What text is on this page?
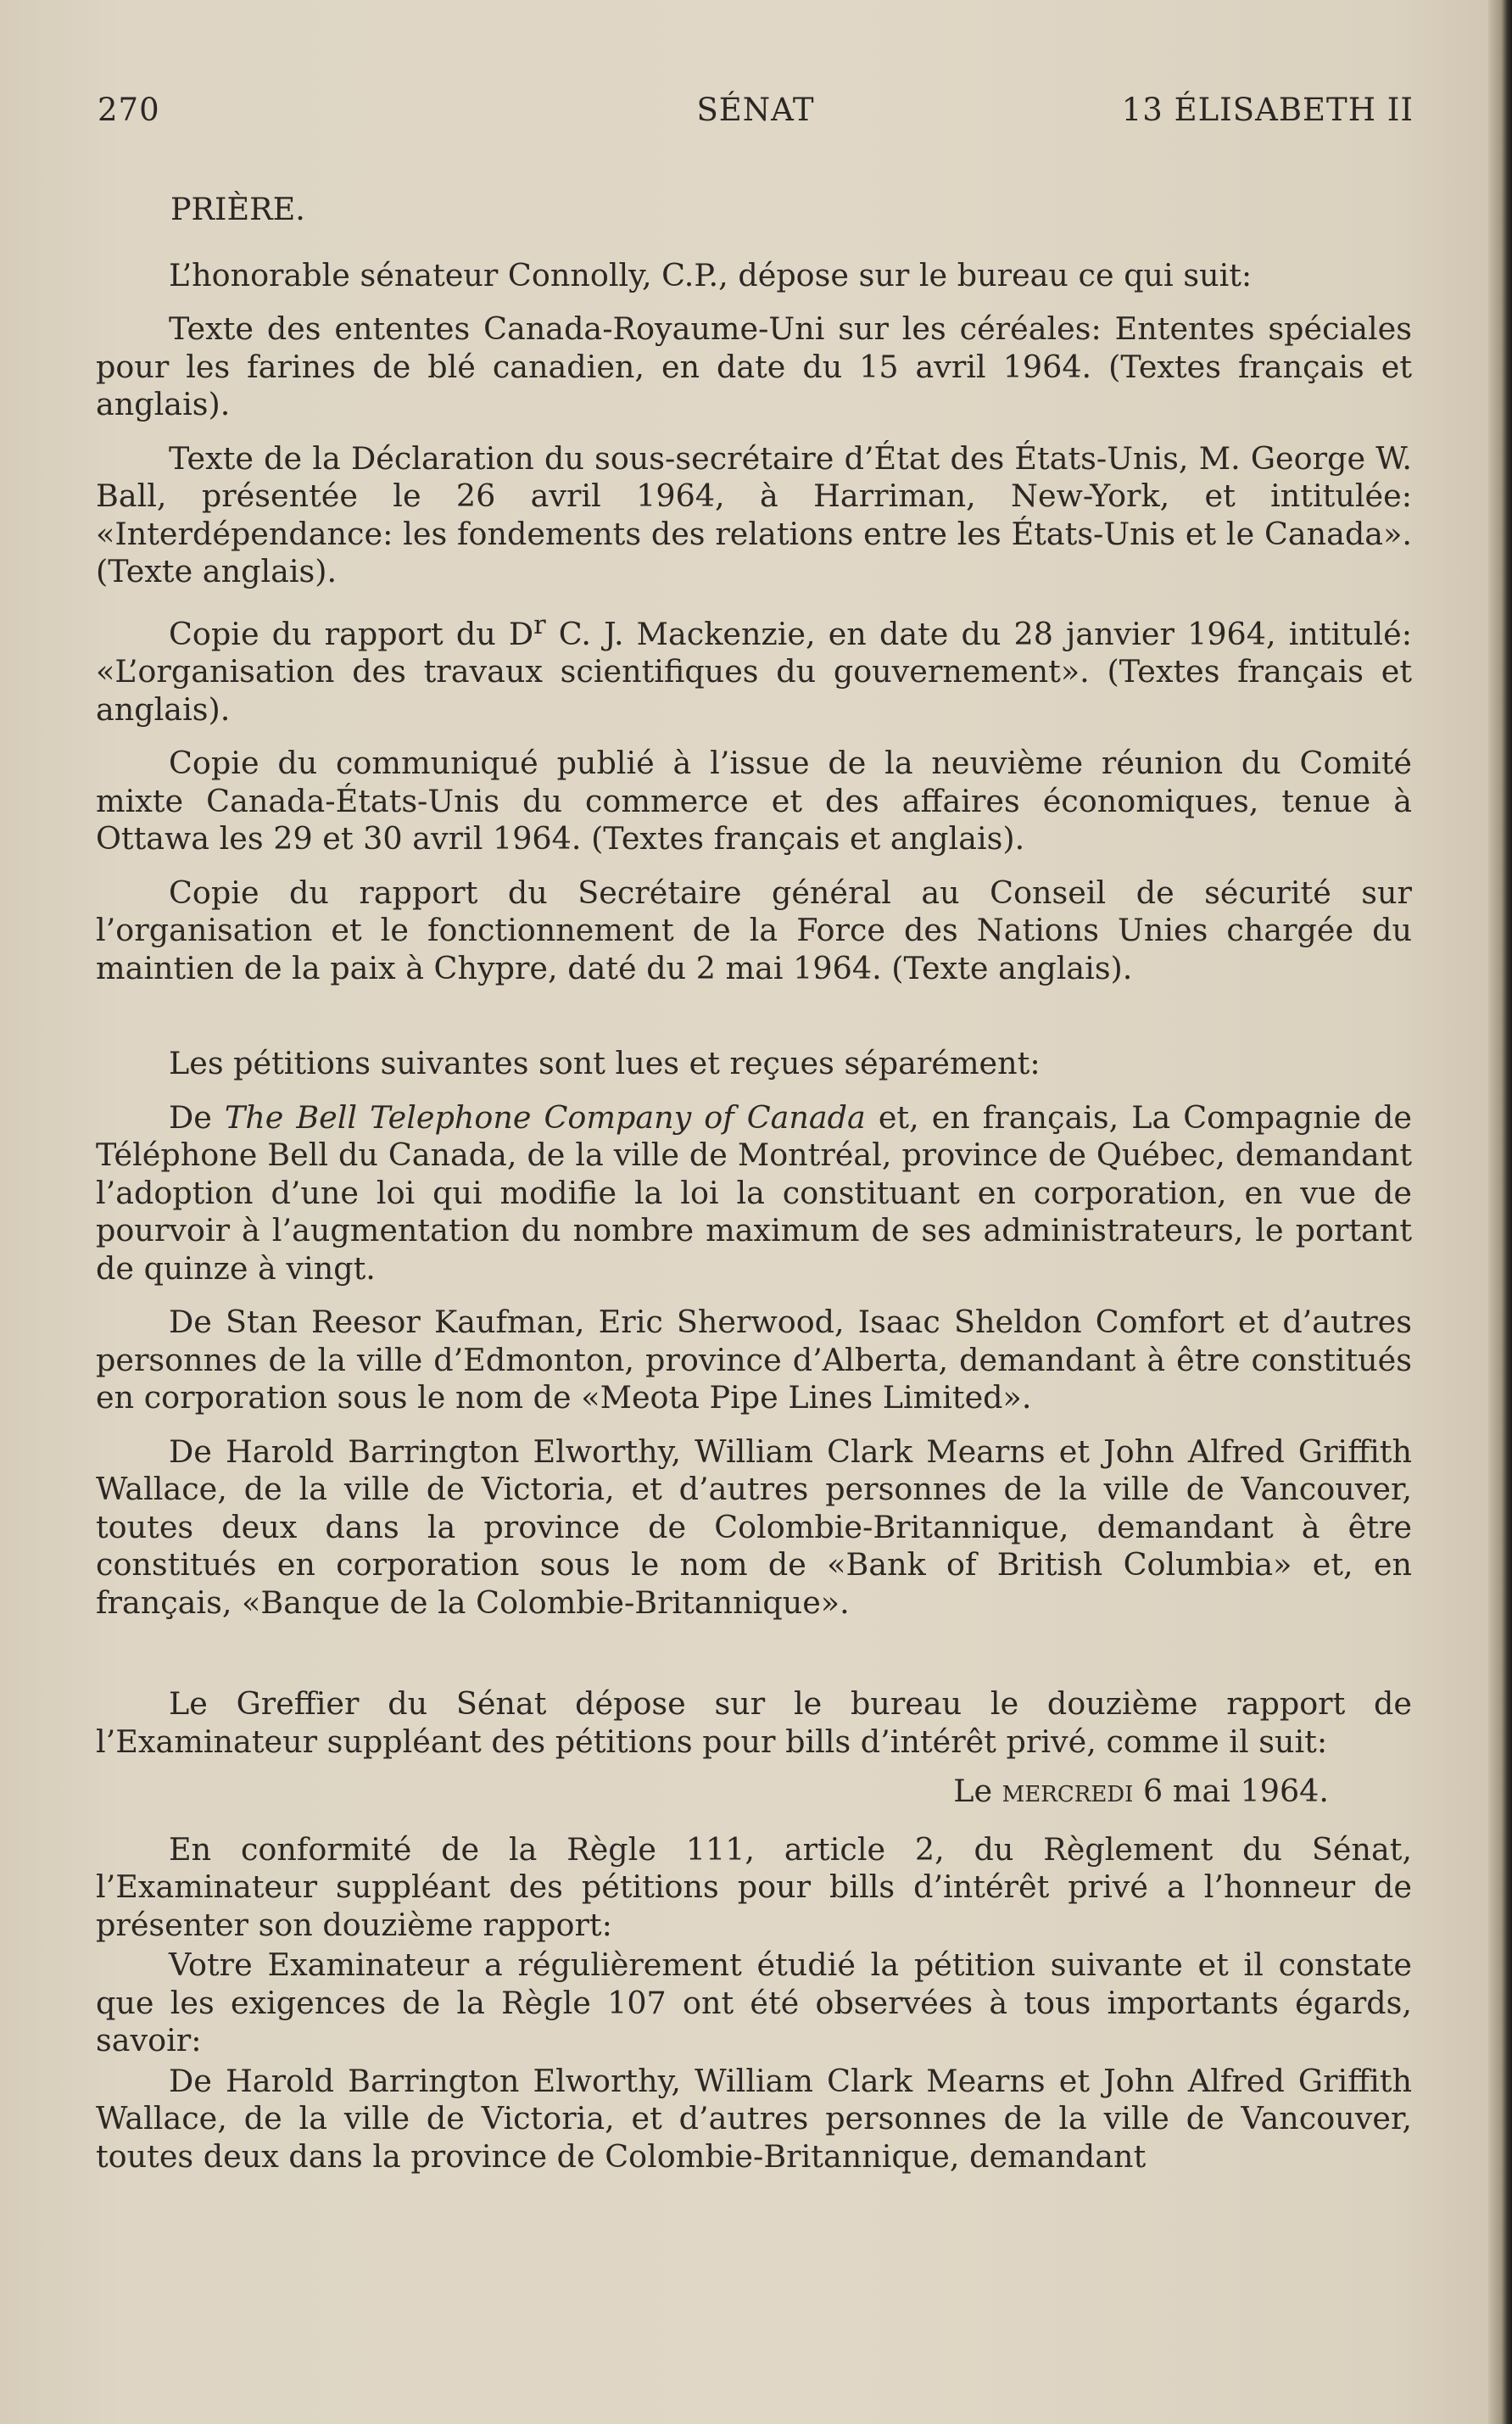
SÉNAT
270	13 ÉLISABETH II

PRIÈRE.

L’honorable sénateur Connolly, C.P., dépose sur le bureau ce qui suit:

Texte des ententes Canada-Royaume-Uni sur les céréales: Ententes spéciales pour les farines de blé canadien, en date du 15 avril 1964. (Textes français et anglais).

Texte de la Déclaration du sous-secrétaire d’État des États-Unis, M. George W. Ball, présentée le 26 avril 1964, à Harriman, New-York, et intitulée: «Interdépendance: les fondements des relations entre les États-Unis et le Canada». (Texte anglais).

Copie du rapport du $D^r$ C. J. Mackenzie, en date du 28 janvier 1964, intitulé: «L’organisation des travaux scientifiques du gouvernement». (Textes français et anglais).

Copie du communiqué publié à l’issue de la neuvième réunion du Comité mixte Canada-États-Unis du commerce et des affaires économiques, tenue à Ottawa les 29 et 30 avril 1964. (Textes français et anglais).

Copie du rapport du Secrétaire général au Conseil de sécurité sur l’organisation et le fonctionnement de la Force des Nations Unies chargée du maintien de la paix à Chypre, daté du 2 mai 1964. (Texte anglais).

Les pétitions suivantes sont lues et reçues séparément:

De The Bell Telephone Company of Canada et, en français, La Compagnie de Téléphone Bell du Canada, de la ville de Montréal, province de Québec, demandant l’adoption d’une loi qui modifie la loi la constituant en corporation, en vue de pourvoir à l’augmentation du nombre maximum de ses administrateurs, le portant de quinze à vingt.

De Stan Reesor Kaufman, Eric Sherwood, Isaac Sheldon Comfort et d’autres personnes de la ville d’Edmonton, province d’Alberta, demandant à être constitués en corporation sous le nom de «Meota Pipe Lines Limited».

De Harold Barrington Elworthy, William Clark Mearns et John Alfred Griffith Wallace, de la ville de Victoria, et d’autres personnes de la ville de Vancouver, toutes deux dans la province de Colombie-Britannique, demandant à être constitués en corporation sous le nom de «Bank of British Columbia» et, en français, «Banque de la Colombie-Britannique».

Le Greffier du Sénat dépose sur le bureau le douzième rapport de l’Examinateur suppléant des pétitions pour bills d’intérêt privé, comme il suit:

Le mercredi 6 mai 1964.

En conformité de la Règle 111, article 2, du Règlement du Sénat, l’Examinateur suppléant des pétitions pour bills d’intérêt privé a l’honneur de présenter son douzième rapport:

Votre Examinateur a régulièrement étudié la pétition suivante et il constate que les exigences de la Règle 107 ont été observées à tous importants égards, savoir:

De Harold Barrington Elworthy, William Clark Mearns et John Alfred Griffith Wallace, de la ville de Victoria, et d’autres personnes de la ville de Vancouver, toutes deux dans la province de Colombie-Britannique, demandant
